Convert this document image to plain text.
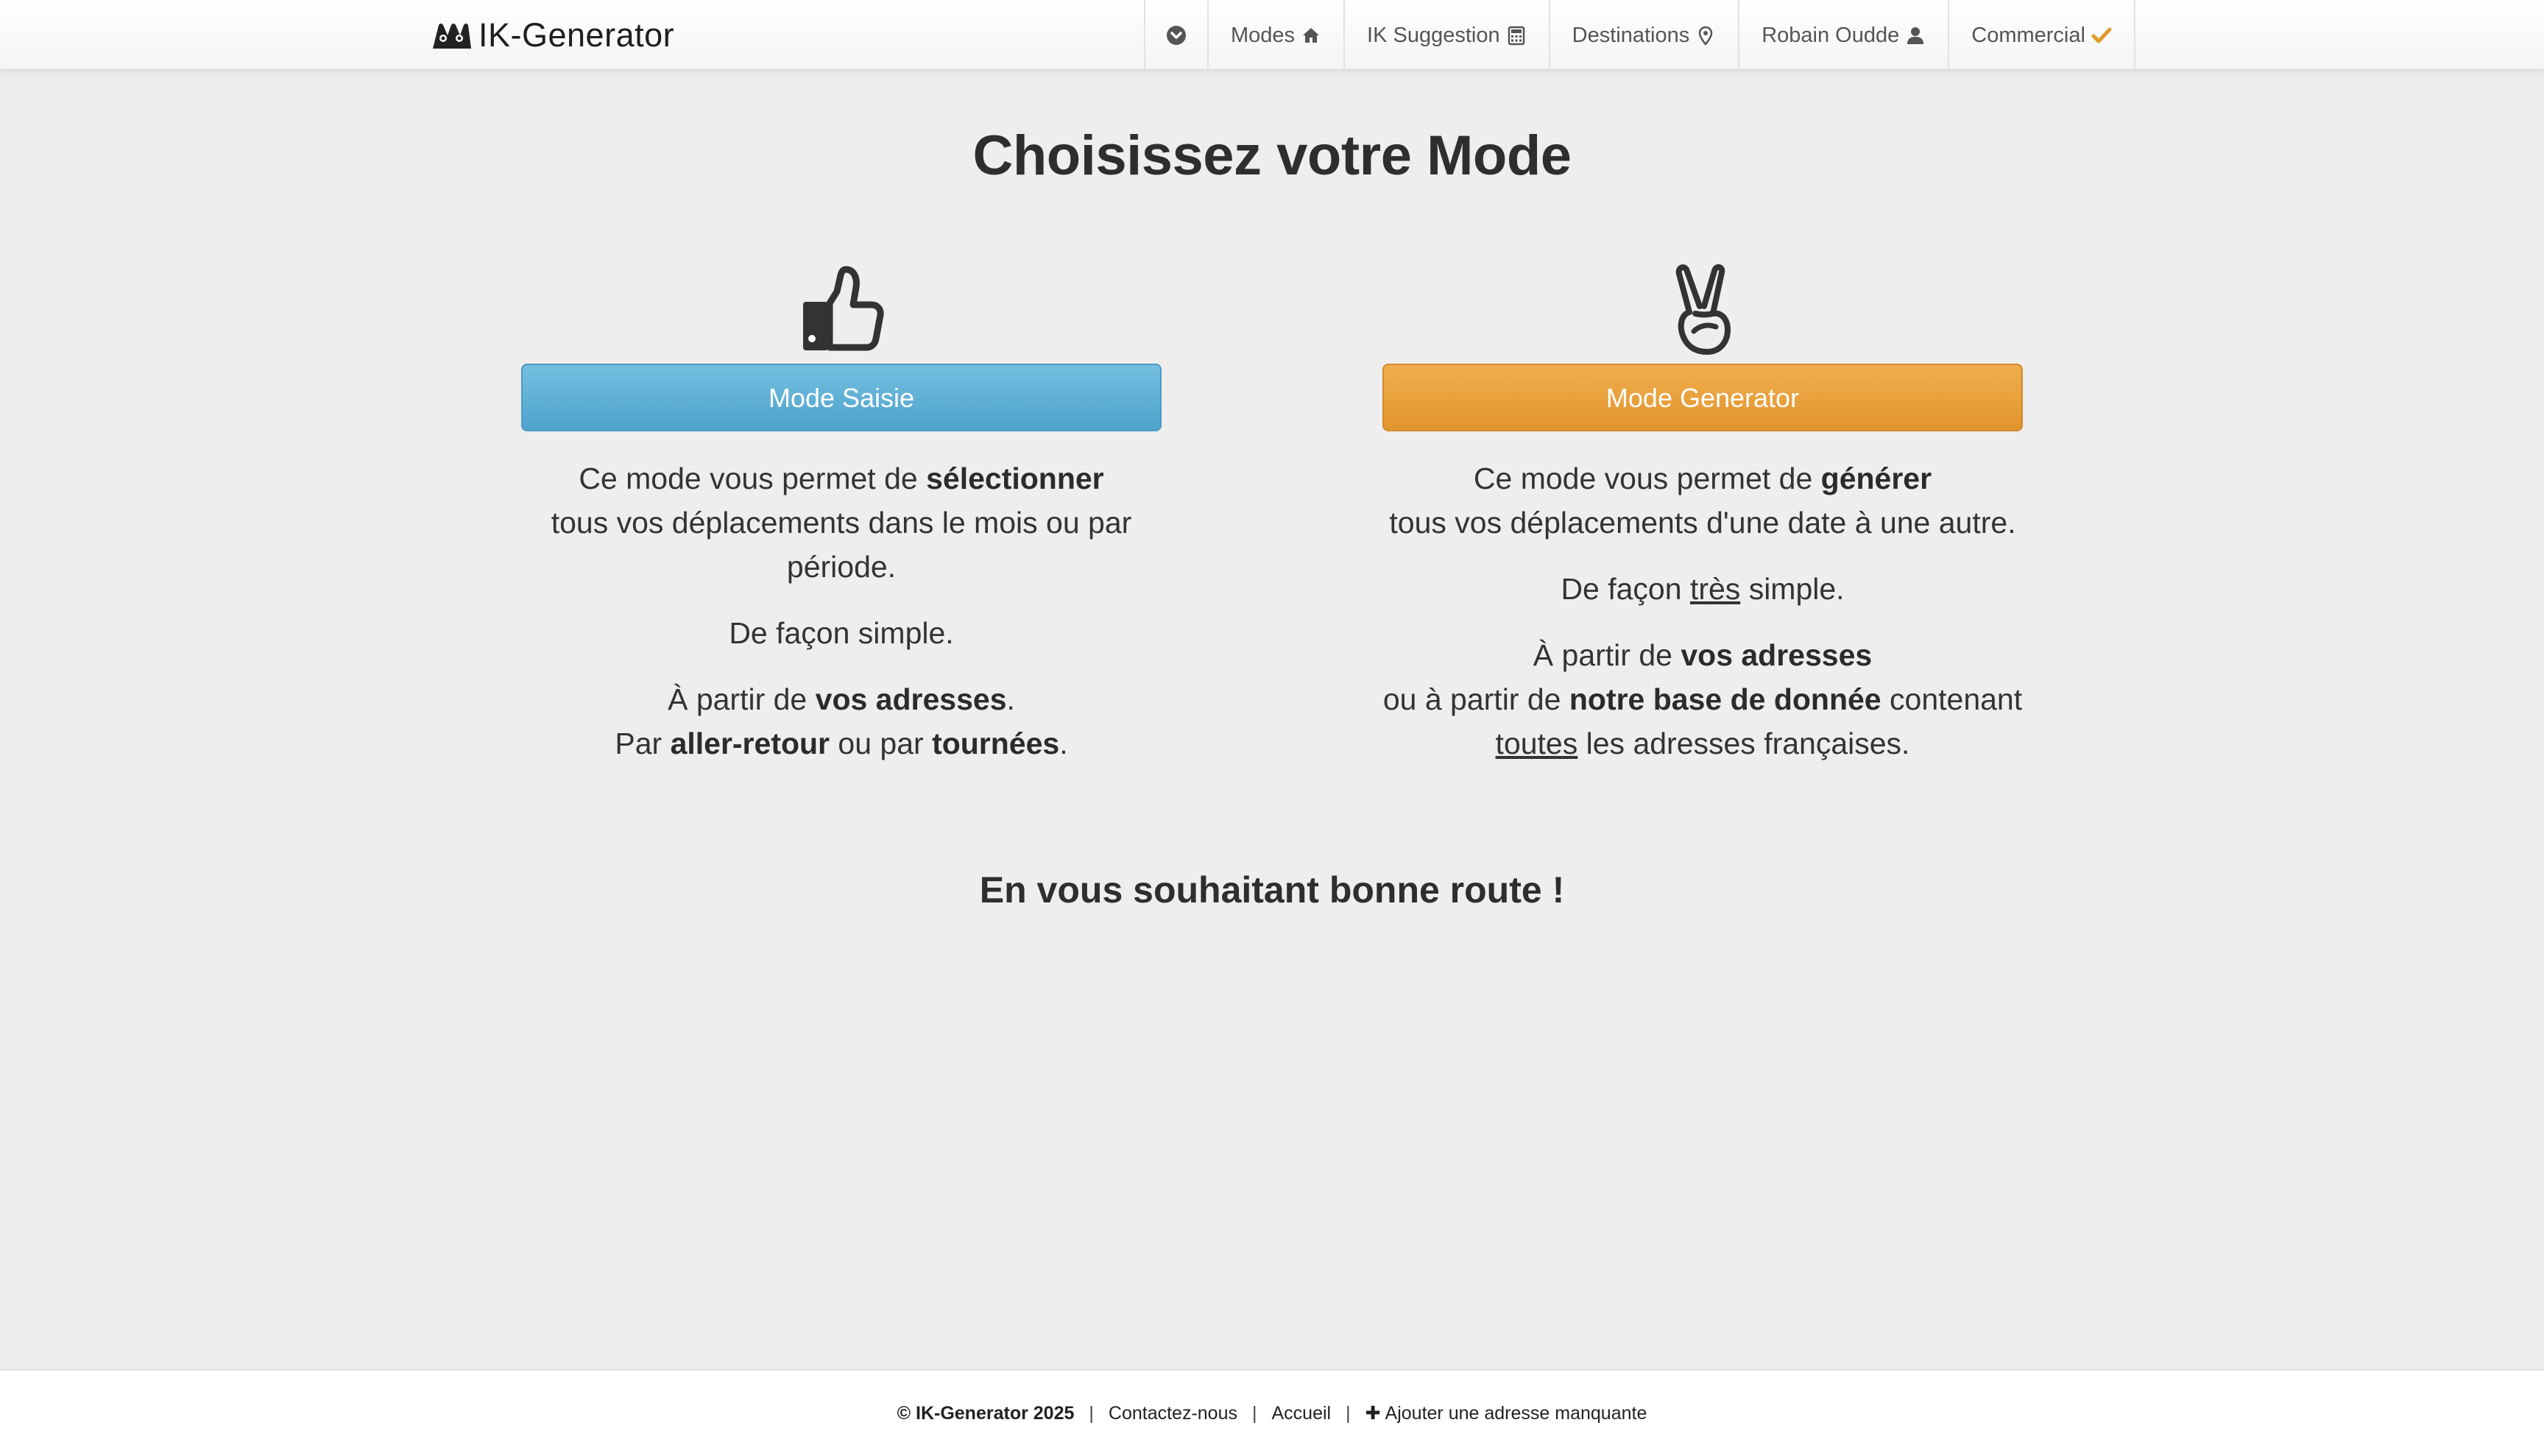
IK-Generator	Modes	IK Suggestion	Destinations	Robain Oudde	Commercial
Choisissez votre Mode
Mode Saisie

Ce mode vous permet de sélectionner
tous vos déplacements dans le mois ou par période.

De façon simple.

À partir de vos adresses.
Par aller-retour ou par tournées.

Mode Generator

Ce mode vous permet de générer
tous vos déplacements d'une date à une autre.

De façon très simple.

À partir de vos adresses
ou à partir de notre base de donnée contenant
toutes les adresses françaises.

En vous souhaitant bonne route !
© IK-Generator 2025 | Contactez-nous | Accueil | ✚ Ajouter une adresse manquante
